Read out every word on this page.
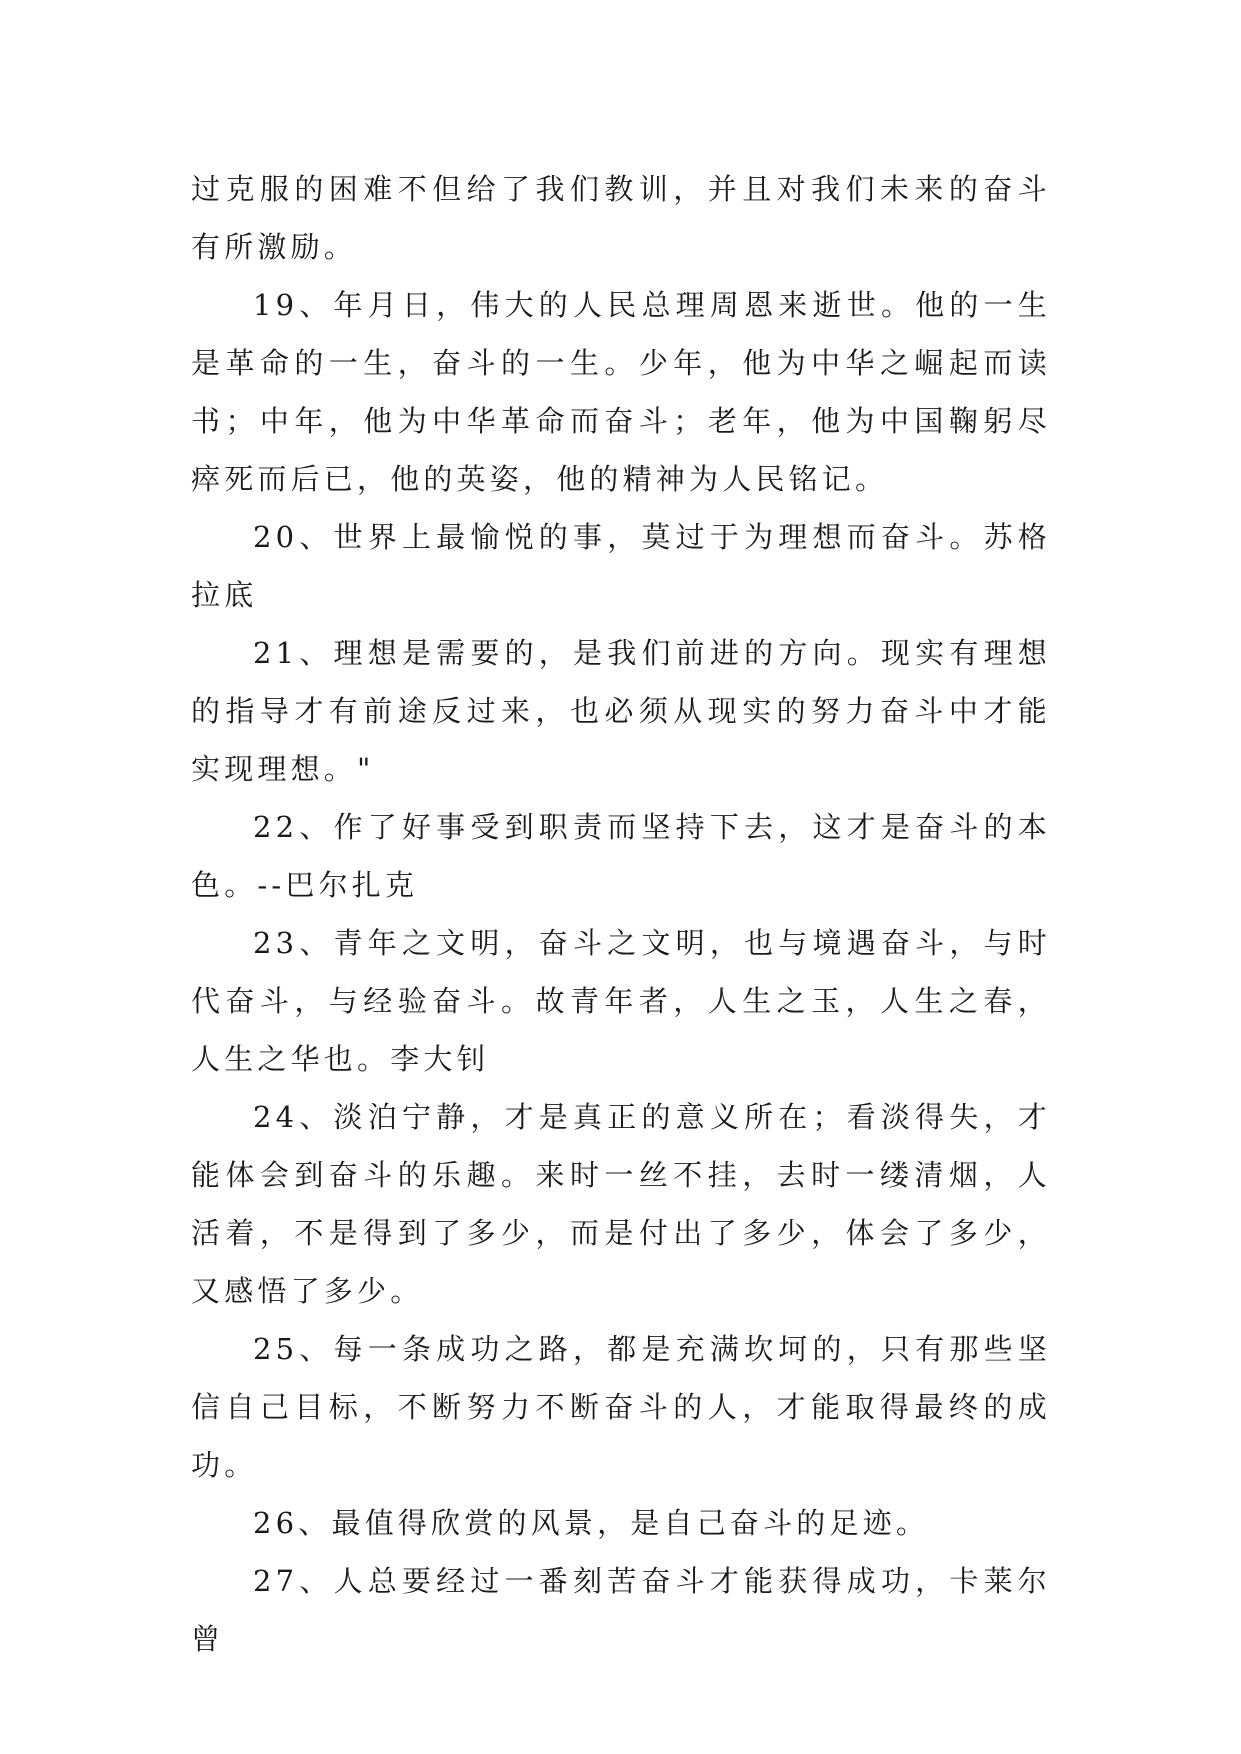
过克服的困难不但给了我们教训，并且对我们未来的奋斗有所激励。

19、年月日，伟大的人民总理周恩来逝世。他的一生是革命的一生，奋斗的一生。少年，他为中华之崛起而读书；中年，他为中华革命而奋斗；老年，他为中国鞠躬尽瘁死而后已，他的英姿，他的精神为人民铭记。

20、世界上最愉悦的事，莫过于为理想而奋斗。苏格拉底

21、理想是需要的，是我们前进的方向。现实有理想的指导才有前途反过来，也必须从现实的努力奋斗中才能实现理想。"

22、作了好事受到职责而坚持下去，这才是奋斗的本色。--巴尔扎克

23、青年之文明，奋斗之文明，也与境遇奋斗，与时代奋斗，与经验奋斗。故青年者，人生之玉，人生之春，人生之华也。李大钊

24、淡泊宁静，才是真正的意义所在；看淡得失，才能体会到奋斗的乐趣。来时一丝不挂，去时一缕清烟，人活着，不是得到了多少，而是付出了多少，体会了多少，又感悟了多少。

25、每一条成功之路，都是充满坎坷的，只有那些坚信自己目标，不断努力不断奋斗的人，才能取得最终的成功。

26、最值得欣赏的风景，是自己奋斗的足迹。

27、人总要经过一番刻苦奋斗才能获得成功，卡莱尔曾
